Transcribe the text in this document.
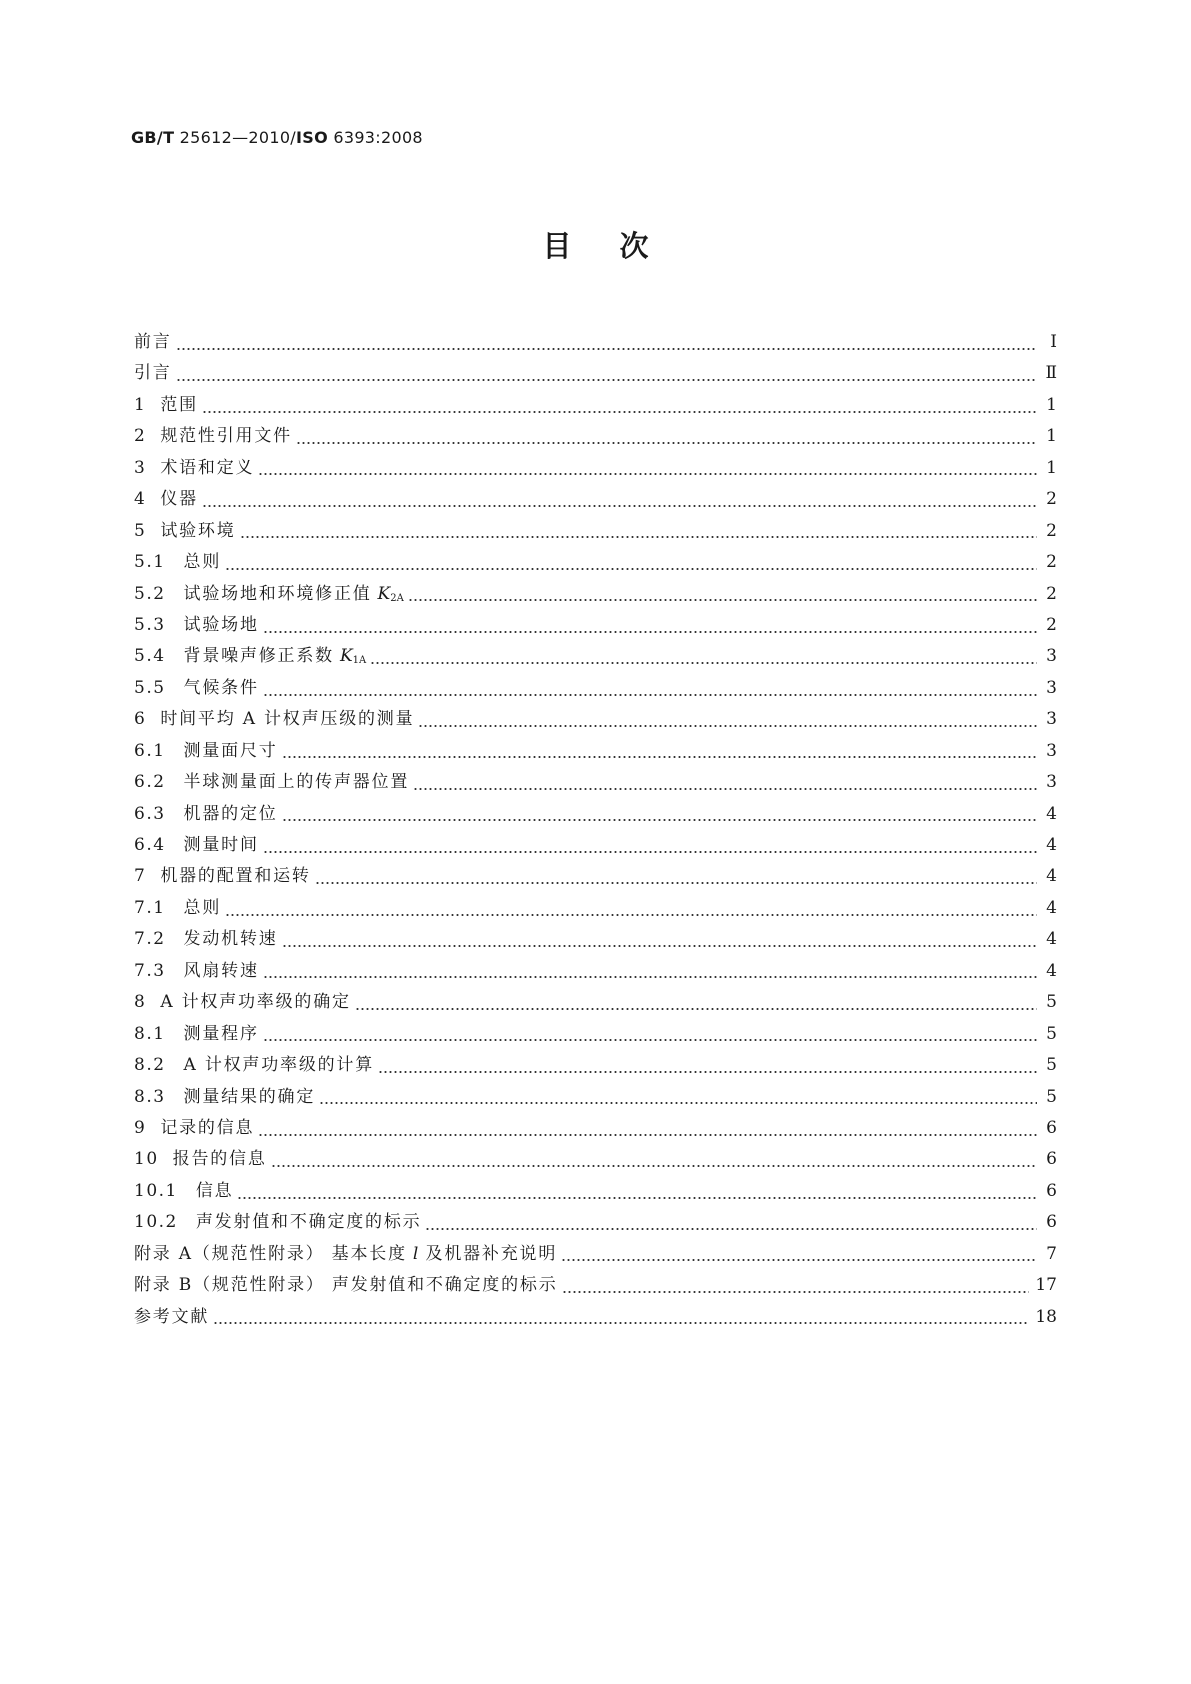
GB/T 25612—2010/ISO 6393:2008
目次
前言	Ⅰ
引言	Ⅱ
1 范围	1
2 规范性引用文件	1
3 术语和定义	1
4 仪器	2
5 试验环境	2
5.1 总则	2
5.2 试验场地和环境修正值 $K_{2A}$	2
5.3 试验场地	2
5.4 背景噪声修正系数 $K_{1A}$	3
5.5 气候条件	3
6 时间平均 A 计权声压级的测量	3
6.1 测量面尺寸	3
6.2 半球测量面上的传声器位置	3
6.3 机器的定位	4
6.4 测量时间	4
7 机器的配置和运转	4
7.1 总则	4
7.2 发动机转速	4
7.3 风扇转速	4
8 A 计权声功率级的确定	5
8.1 测量程序	5
8.2 A 计权声功率级的计算	5
8.3 测量结果的确定	5
9 记录的信息	6
10 报告的信息	6
10.1 信息	6
10.2 声发射值和不确定度的标示	6
附录 A（规范性附录） 基本长度 l 及机器补充说明	7
附录 B（规范性附录） 声发射值和不确定度的标示	17
参考文献	18
